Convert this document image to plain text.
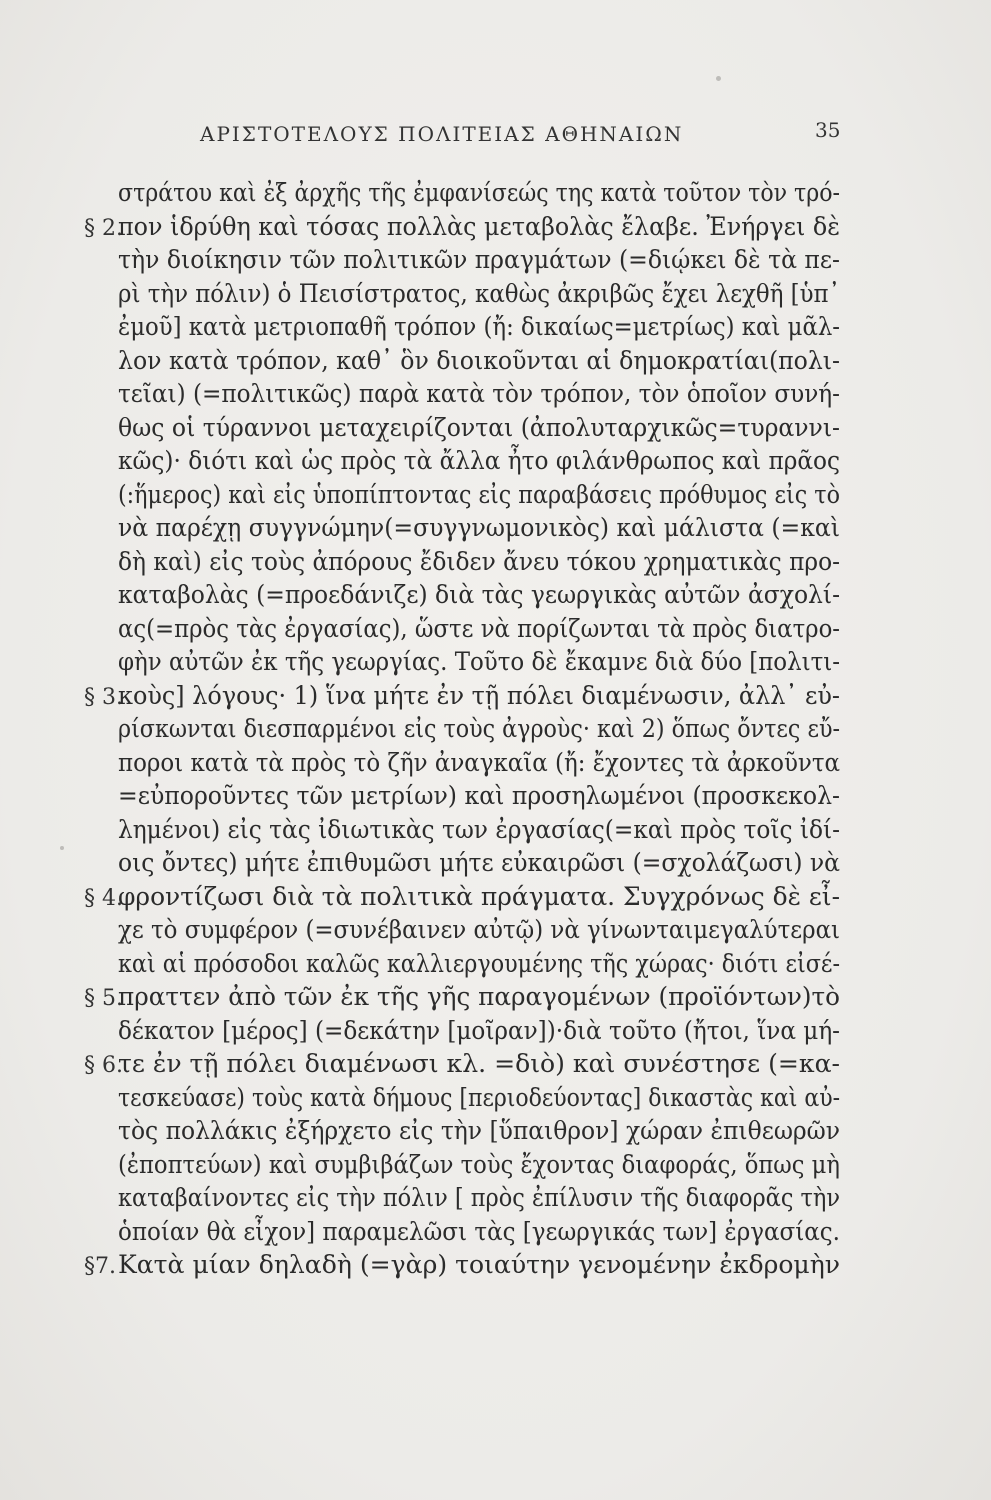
ΑΡΙΣΤΟΤΕΛΟΥΣ ΠΟΛΙΤΕΙΑΣ ΑΘΗΝΑΙΩΝ	35
στράτου καὶ ἐξ ἀρχῆς τῆς ἐμφανίσεώς της κατὰ τοῦτον τὸν τρό-
πον ἱδρύθη καὶ τόσας πολλὰς μεταβολὰς ἔλαβε. Ἐνήργει δὲ
τὴν διοίκησιν τῶν πολιτικῶν πραγμάτων (=διῴκει δὲ τὰ πε-
ρὶ τὴν πόλιν) ὁ Πεισίστρατος, καθὼς ἀκριβῶς ἔχει λεχθῆ [ὑπ᾽
ἐμοῦ] κατὰ μετριοπαθῆ τρόπον (ἤ: δικαίως=μετρίως) καὶ μᾶλ-
λον κατὰ τρόπον, καθ᾽ ὃν διοικοῦνται αἱ δημοκρατίαι(πολι-
τεῖαι) (=πολιτικῶς) παρὰ κατὰ τὸν τρόπον, τὸν ὁποῖον συνή-
θως οἱ τύραννοι μεταχειρίζονται (ἀπολυταρχικῶς=τυραννι-
κῶς)· διότι καὶ ὡς πρὸς τὰ ἄλλα ἦτο φιλάνθρωπος καὶ πρᾶος
(:ἥμερος) καὶ εἰς ὑποπίπτοντας εἰς παραβάσεις πρόθυμος εἰς τὸ
νὰ παρέχῃ συγγνώμην(=συγγνωμονικὸς) καὶ μάλιστα (=καὶ
δὴ καὶ) εἰς τοὺς ἀπόρους ἔδιδεν ἄνευ τόκου χρηματικὰς προ-
καταβολὰς (=προεδάνιζε) διὰ τὰς γεωργικὰς αὐτῶν ἀσχολί-
ας(=πρὸς τὰς ἐργασίας), ὥστε νὰ πορίζωνται τὰ πρὸς διατρο-
φὴν αὐτῶν ἐκ τῆς γεωργίας. Τοῦτο δὲ ἔκαμνε διὰ δύο [πολιτι-
κοὺς] λόγους· 1) ἵνα μήτε ἐν τῇ πόλει διαμένωσιν, ἀλλ᾽ εὐ-
ρίσκωνται διεσπαρμένοι εἰς τοὺς ἀγροὺς· καὶ 2) ὅπως ὄντες εὔ-
ποροι κατὰ τὰ πρὸς τὸ ζῆν ἀναγκαῖα (ἤ: ἔχοντες τὰ ἀρκοῦντα
=εὐποροῦντες τῶν μετρίων) καὶ προσηλωμένοι (προσκεκολ-
λημένοι) εἰς τὰς ἰδιωτικὰς των ἐργασίας(=καὶ πρὸς τοῖς ἰδί-
οις ὄντες) μήτε ἐπιθυμῶσι μήτε εὐκαιρῶσι (=σχολάζωσι) νὰ
φροντίζωσι διὰ τὰ πολιτικὰ πράγματα. Συγχρόνως δὲ εἶ-
χε τὸ συμφέρον (=συνέβαινεν αὐτῷ) νὰ γίνωνταιμεγαλύτεραι
καὶ αἱ πρόσοδοι καλῶς καλλιεργουμένης τῆς χώρας· διότι εἰσέ-
πραττεν ἀπὸ τῶν ἐκ τῆς γῆς παραγομένων (προϊόντων)τὸ
δέκατον [μέρος] (=δεκάτην [μοῖραν])·διὰ τοῦτο (ἤτοι, ἵνα μή-
τε ἐν τῇ πόλει διαμένωσι κλ. =διὸ) καὶ συνέστησε (=κα-
τεσκεύασε) τοὺς κατὰ δήμους [περιοδεύοντας] δικαστὰς καὶ αὐ-
τὸς πολλάκις ἐξήρχετο εἰς τὴν [ὕπαιθρον] χώραν ἐπιθεωρῶν
(ἐποπτεύων) καὶ συμβιβάζων τοὺς ἔχοντας διαφοράς, ὅπως μὴ
καταβαίνοντες εἰς τὴν πόλιν [ πρὸς ἐπίλυσιν τῆς διαφορᾶς τὴν
ὁποίαν θὰ εἶχον] παραμελῶσι τὰς [γεωργικάς των] ἐργασίας.
Κατὰ μίαν δηλαδὴ (=γὰρ) τοιαύτην γενομένην ἐκδρομὴν
§ 2.
§ 3.
§ 4.
§ 5.
§ 6.
§7.
